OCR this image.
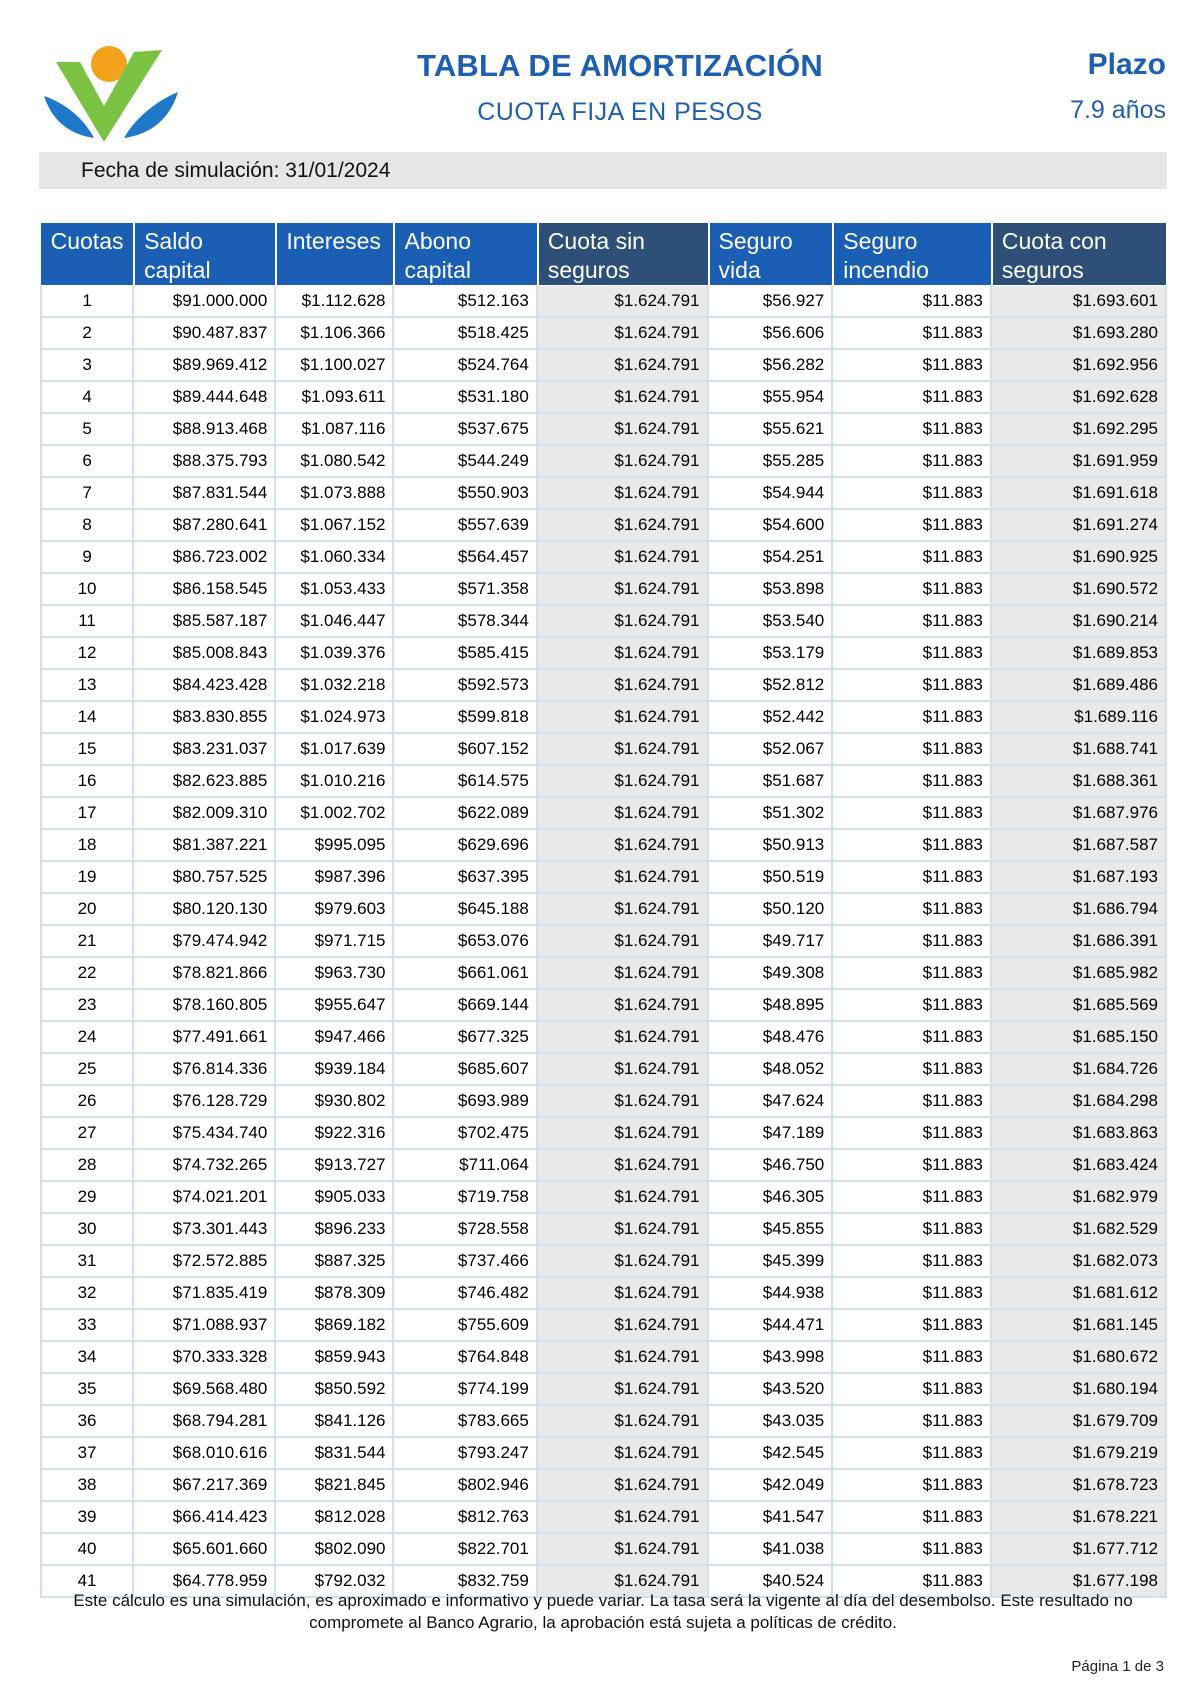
TABLA DE AMORTIZACIÓN
CUOTA FIJA EN PESOS
Plazo
7.9 años
Fecha de simulación: 31/01/2024
Cuotas	Saldo capital	Intereses	Abono capital	Cuota sin seguros	Seguro vida	Seguro incendio	Cuota con seguros
1	$91.000.000	$1.112.628	$512.163	$1.624.791	$56.927	$11.883	$1.693.601
2	$90.487.837	$1.106.366	$518.425	$1.624.791	$56.606	$11.883	$1.693.280
3	$89.969.412	$1.100.027	$524.764	$1.624.791	$56.282	$11.883	$1.692.956
4	$89.444.648	$1.093.611	$531.180	$1.624.791	$55.954	$11.883	$1.692.628
5	$88.913.468	$1.087.116	$537.675	$1.624.791	$55.621	$11.883	$1.692.295
6	$88.375.793	$1.080.542	$544.249	$1.624.791	$55.285	$11.883	$1.691.959
7	$87.831.544	$1.073.888	$550.903	$1.624.791	$54.944	$11.883	$1.691.618
8	$87.280.641	$1.067.152	$557.639	$1.624.791	$54.600	$11.883	$1.691.274
9	$86.723.002	$1.060.334	$564.457	$1.624.791	$54.251	$11.883	$1.690.925
10	$86.158.545	$1.053.433	$571.358	$1.624.791	$53.898	$11.883	$1.690.572
11	$85.587.187	$1.046.447	$578.344	$1.624.791	$53.540	$11.883	$1.690.214
12	$85.008.843	$1.039.376	$585.415	$1.624.791	$53.179	$11.883	$1.689.853
13	$84.423.428	$1.032.218	$592.573	$1.624.791	$52.812	$11.883	$1.689.486
14	$83.830.855	$1.024.973	$599.818	$1.624.791	$52.442	$11.883	$1.689.116
15	$83.231.037	$1.017.639	$607.152	$1.624.791	$52.067	$11.883	$1.688.741
16	$82.623.885	$1.010.216	$614.575	$1.624.791	$51.687	$11.883	$1.688.361
17	$82.009.310	$1.002.702	$622.089	$1.624.791	$51.302	$11.883	$1.687.976
18	$81.387.221	$995.095	$629.696	$1.624.791	$50.913	$11.883	$1.687.587
19	$80.757.525	$987.396	$637.395	$1.624.791	$50.519	$11.883	$1.687.193
20	$80.120.130	$979.603	$645.188	$1.624.791	$50.120	$11.883	$1.686.794
21	$79.474.942	$971.715	$653.076	$1.624.791	$49.717	$11.883	$1.686.391
22	$78.821.866	$963.730	$661.061	$1.624.791	$49.308	$11.883	$1.685.982
23	$78.160.805	$955.647	$669.144	$1.624.791	$48.895	$11.883	$1.685.569
24	$77.491.661	$947.466	$677.325	$1.624.791	$48.476	$11.883	$1.685.150
25	$76.814.336	$939.184	$685.607	$1.624.791	$48.052	$11.883	$1.684.726
26	$76.128.729	$930.802	$693.989	$1.624.791	$47.624	$11.883	$1.684.298
27	$75.434.740	$922.316	$702.475	$1.624.791	$47.189	$11.883	$1.683.863
28	$74.732.265	$913.727	$711.064	$1.624.791	$46.750	$11.883	$1.683.424
29	$74.021.201	$905.033	$719.758	$1.624.791	$46.305	$11.883	$1.682.979
30	$73.301.443	$896.233	$728.558	$1.624.791	$45.855	$11.883	$1.682.529
31	$72.572.885	$887.325	$737.466	$1.624.791	$45.399	$11.883	$1.682.073
32	$71.835.419	$878.309	$746.482	$1.624.791	$44.938	$11.883	$1.681.612
33	$71.088.937	$869.182	$755.609	$1.624.791	$44.471	$11.883	$1.681.145
34	$70.333.328	$859.943	$764.848	$1.624.791	$43.998	$11.883	$1.680.672
35	$69.568.480	$850.592	$774.199	$1.624.791	$43.520	$11.883	$1.680.194
36	$68.794.281	$841.126	$783.665	$1.624.791	$43.035	$11.883	$1.679.709
37	$68.010.616	$831.544	$793.247	$1.624.791	$42.545	$11.883	$1.679.219
38	$67.217.369	$821.845	$802.946	$1.624.791	$42.049	$11.883	$1.678.723
39	$66.414.423	$812.028	$812.763	$1.624.791	$41.547	$11.883	$1.678.221
40	$65.601.660	$802.090	$822.701	$1.624.791	$41.038	$11.883	$1.677.712
41	$64.778.959	$792.032	$832.759	$1.624.791	$40.524	$11.883	$1.677.198
Este cálculo es una simulación, es aproximado e informativo y puede variar. La tasa será la vigente al día del desembolso. Este resultado no compromete al Banco Agrario, la aprobación está sujeta a políticas de crédito.
Página 1 de 3
